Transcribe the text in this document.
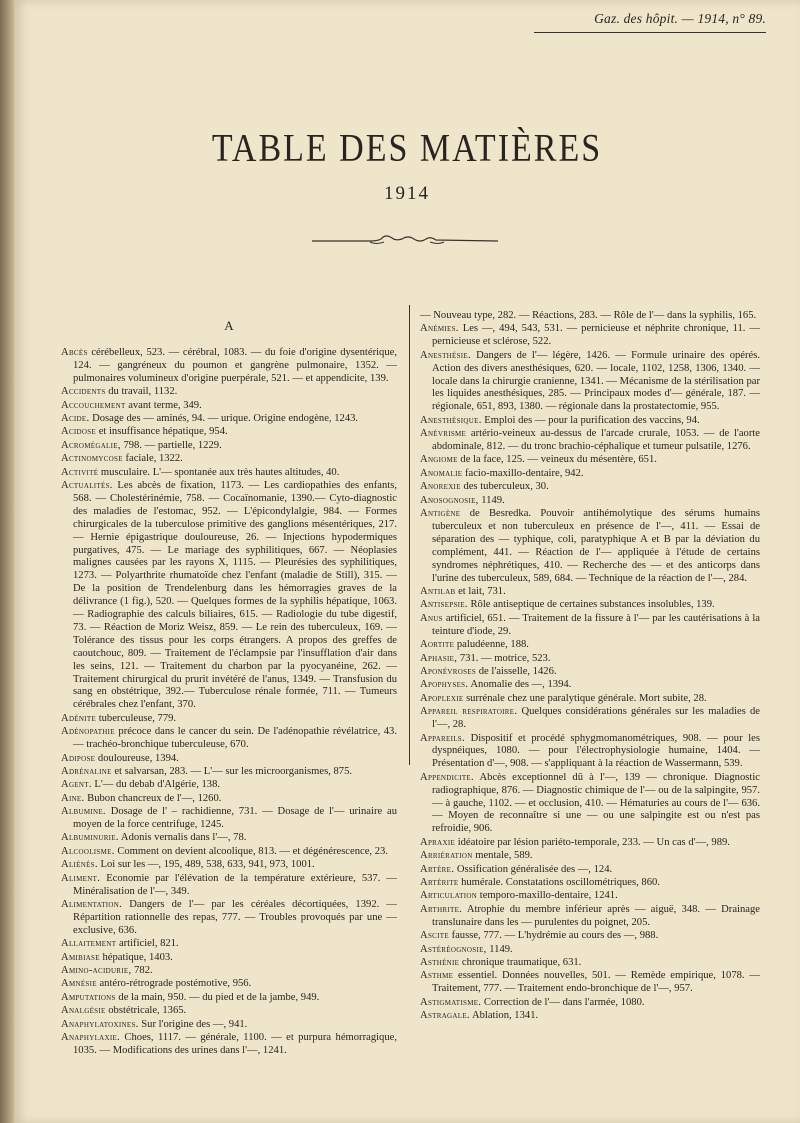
Gaz. des hôpit. — 1914, n° 89.
TABLE DES MATIÈRES
1914
A

Abcès cérébelleux, 523. — cérébral, 1083. — du foie d'origine dysentérique, 124. — gangréneux du poumon et gangrène pulmonaire, 1352. — pulmonaires volumineux d'origine puerpérale, 521. — et appendicite, 139.

Accidents du travail, 1132.

Accouchement avant terme, 349.

Acide. Dosage des — aminés, 94. — urique. Origine endogène, 1243.

Acidose et insuffisance hépatique, 954.

Acromégalie, 798. — partielle, 1229.

Actinomycose faciale, 1322.

Activité musculaire. L'— spontanée aux très hautes altitudes, 40.

Actualités. Les abcès de fixation, 1173. — Les cardiopathies des enfants, 568. — Cholestérinémie, 758. — Cocaïnomanie, 1390.— Cyto-diagnostic des maladies de l'estomac, 952. — L'épicondylalgie, 984. — Formes chirurgicales de la tuberculose primitive des ganglions mésentériques, 217. — Hernie épigastrique douloureuse, 26. — Injections hypodermiques purgatives, 475. — Le mariage des syphilitiques, 667. — Néoplasies malignes causées par les rayons X, 1115. — Pleurésies des syphilitiques, 1273. — Polyarthrite rhumatoïde chez l'enfant (maladie de Still), 315. — De la position de Trendelenburg dans les hémorragies graves de la délivrance (1 fig.), 520. — Quelques formes de la syphilis hépatique, 1063. — Radiographie des calculs biliaires, 615. — Radiologie du tube digestif, 73. — Réaction de Moriz Weisz, 859. — Le rein des tuberculeux, 169. — Tolérance des tissus pour les corps étrangers. A propos des greffes de caoutchouc, 809. — Traitement de l'éclampsie par l'insufflation d'air dans les seins, 121. — Traitement du charbon par la pyocyanéine, 262. — Traitement chirurgical du prurit invétéré de l'anus, 1349. — Transfusion du sang en obstétrique, 392.— Tuberculose rénale formée, 711. — Tumeurs cérébrales chez l'enfant, 370.

Adénite tuberculeuse, 779.

Adénopathie précoce dans le cancer du sein. De l'adénopathie révélatrice, 43. — trachéo-bronchique tuberculeuse, 670.

Adipose douloureuse, 1394.

Adrénaline et salvarsan, 283. — L'— sur les microorganismes, 875.

Agent. L'— du debab d'Algérie, 138.

Aine. Bubon chancreux de l'—, 1260.

Albumine. Dosage de l' – rachidienne, 731. — Dosage de l'— urinaire au moyen de la force centrifuge, 1245.

Albuminurie. Adonis vernalis dans l'—, 78.

Alcoolisme. Comment on devient alcoolique, 813. — et dégénérescence, 23.

Aliénés. Loi sur les —, 195, 489, 538, 633, 941, 973, 1001.

Aliment. Economie par l'élévation de la température extérieure, 537. — Minéralisation de l'—, 349.

Alimentation. Dangers de l'— par les céréales décortiquées, 1392. — Répartition rationnelle des repas, 777. — Troubles provoqués par une — exclusive, 636.

Allaitement artificiel, 821.

Amibiase hépatique, 1403.

Amino-acidurie, 782.

Amnésie antéro-rétrograde postémotive, 956.

Amputations de la main, 950. — du pied et de la jambe, 949.

Analgésie obstétricale, 1365.

Anaphylatoxines. Sur l'origine des —, 941.

Anaphylaxie. Choes, 1117. — générale, 1100. — et purpura hémorragique, 1035. — Modifications des urines dans l'—, 1241.

— Nouveau type, 282. — Réactions, 283. — Rôle de l'— dans la syphilis, 165.

Anémies. Les —, 494, 543, 531. — pernicieuse et néphrite chronique, 11. — pernicieuse et sclérose, 522.

Anesthésie. Dangers de l'— légère, 1426. — Formule urinaire des opérés. Action des divers anesthésiques, 620. — locale, 1102, 1258, 1306, 1340. — locale dans la chirurgie cranienne, 1341. — Mécanisme de la stérilisation par les liquides anesthésiques, 285. — Principaux modes d'— générale, 187. — régionale, 651, 893, 1380. — régionale dans la prostatectomie, 955.

Anesthésique. Emploi des — pour la purification des vaccins, 94.

Anévrisme artério-veineux au-dessus de l'arcade crurale, 1053. — de l'aorte abdominale, 812. — du tronc brachio-céphalique et tumeur pulsatile, 1276.

Angiome de la face, 125. — veineux du mésentère, 651.

Anomalie facio-maxillo-dentaire, 942.

Anorexie des tuberculeux, 30.

Anosognosie, 1149.

Antigène de Besredka. Pouvoir antihémolytique des sérums humains tuberculeux et non tuberculeux en présence de l'—, 411. — Essai de séparation des — typhique, coli, paratyphique A et B par la déviation du complément, 441. — Réaction de l'— appliquée à l'étude de certains syndromes néphrétiques, 410. — Recherche des — et des anticorps dans l'urine des tuberculeux, 589, 684. — Technique de la réaction de l'—, 284.

Antilab et lait, 731.

Antisepsie. Rôle antiseptique de certaines substances insolubles, 139.

Anus artificiel, 651. — Traitement de la fissure à l'— par les cautérisations à la teinture d'iode, 29.

Aortite paludéenne, 188.

Aphasie, 731. — motrice, 523.

Aponévroses de l'aisselle, 1426.

Apophyses. Anomalie des —, 1394.

Apoplexie surrénale chez une paralytique générale. Mort subite, 28.

Appareil respiratoire. Quelques considérations générales sur les maladies de l'—, 28.

Appareils. Dispositif et procédé sphygmomanométriques, 908. — pour les dyspnéiques, 1080. — pour l'électrophysiologie humaine, 1404. — Présentation d'—, 908. — s'appliquant à la réaction de Wassermann, 539.

Appendicite. Abcès exceptionnel dû à l'—, 139 — chronique. Diagnostic radiographique, 876. — Diagnostic chimique de l'— ou de la salpingite, 957. — à gauche, 1102. — et occlusion, 410. — Hématuries au cours de l'— 636. — Moyen de reconnaître si une — ou une salpingite est ou n'est pas refroidie, 906.

Apraxie idéatoire par lésion pariéto-temporale, 233. — Un cas d'—, 989.

Arriération mentale, 589.

Artère. Ossification généralisée des —, 124.

Artérite humérale. Constatations oscillométriques, 860.

Articulation temporo-maxillo-dentaire, 1241.

Arthrite. Atrophie du membre inférieur après — aiguë, 348. — Drainage translunaire dans les — purulentes du poignet, 205.

Ascite fausse, 777. — L'hydrémie au cours des —, 988.

Astéréognosie, 1149.

Asthénie chronique traumatique, 631.

Asthme essentiel. Données nouvelles, 501. — Remède empirique, 1078. — Traitement, 777. — Traitement endo-bronchique de l'—, 957.

Astigmatisme. Correction de l'— dans l'armée, 1080.

Astragale. Ablation, 1341.
